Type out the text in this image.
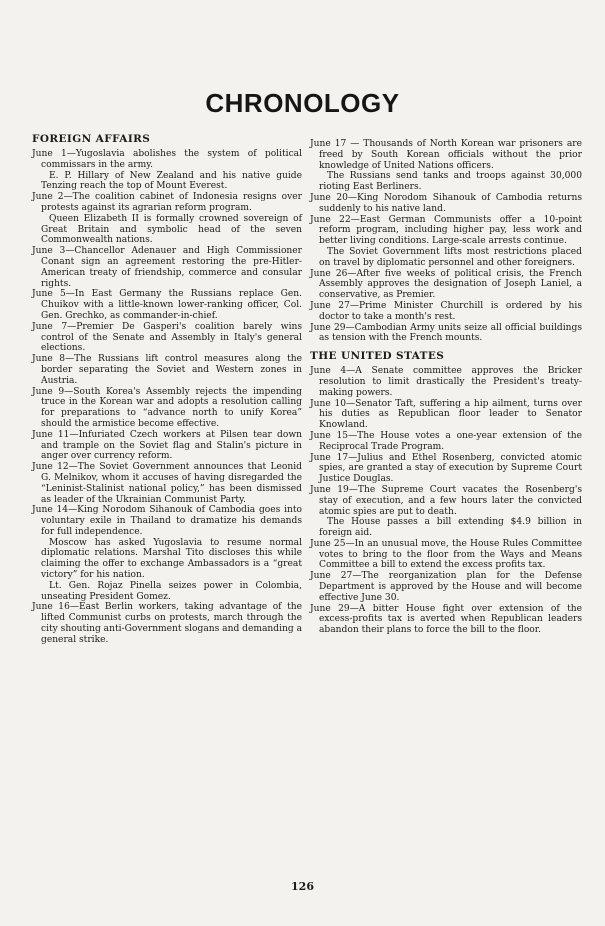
CHRONOLOGY
FOREIGN AFFAIRS
June 1—Yugoslavia abolishes the system of political commissars in the army.
E. P. Hillary of New Zealand and his native guide Tenzing reach the top of Mount Everest.
June 2—The coalition cabinet of Indonesia resigns over protests against its agrarian reform program.
Queen Elizabeth II is formally crowned sovereign of Great Britain and symbolic head of the seven Commonwealth nations.
June 3—Chancellor Adenauer and High Commissioner Conant sign an agreement restoring the pre-Hitler-American treaty of friendship, commerce and consular rights.
June 5—In East Germany the Russians replace Gen. Chuikov with a little-known lower-ranking officer, Col. Gen. Grechko, as commander-in-chief.
June 7—Premier De Gasperi's coalition barely wins control of the Senate and Assembly in Italy's general elections.
June 8—The Russians lift control measures along the border separating the Soviet and Western zones in Austria.
June 9—South Korea's Assembly rejects the impending truce in the Korean war and adopts a resolution calling for preparations to “advance north to unify Korea” should the armistice become effective.
June 11—Infuriated Czech workers at Pilsen tear down and trample on the Soviet flag and Stalin's picture in anger over currency reform.
June 12—The Soviet Government announces that Leonid G. Melnikov, whom it accuses of having disregarded the “Leninist-Stalinist national policy,” has been dismissed as leader of the Ukrainian Communist Party.
June 14—King Norodom Sihanouk of Cambodia goes into voluntary exile in Thailand to dramatize his demands for full independence.
Moscow has asked Yugoslavia to resume normal diplomatic relations. Marshal Tito discloses this while claiming the offer to exchange Ambassadors is a “great victory” for his nation.
Lt. Gen. Rojaz Pinella seizes power in Colombia, unseating President Gomez.
June 16—East Berlin workers, taking advantage of the lifted Communist curbs on protests, march through the city shouting anti-Government slogans and demanding a general strike.
June 17 — Thousands of North Korean war prisoners are freed by South Korean officials without the prior knowledge of United Nations officers.
The Russians send tanks and troops against 30,000 rioting East Berliners.
June 20—King Norodom Sihanouk of Cambodia returns suddenly to his native land.
June 22—East German Communists offer a 10-point reform program, including higher pay, less work and better living conditions. Large-scale arrests continue.
The Soviet Government lifts most restrictions placed on travel by diplomatic personnel and other foreigners.
June 26—After five weeks of political crisis, the French Assembly approves the designation of Joseph Laniel, a conservative, as Premier.
June 27—Prime Minister Churchill is ordered by his doctor to take a month's rest.
June 29—Cambodian Army units seize all official buildings as tension with the French mounts.
THE UNITED STATES
June 4—A Senate committee approves the Bricker resolution to limit drastically the President's treaty-making powers.
June 10—Senator Taft, suffering a hip ailment, turns over his duties as Republican floor leader to Senator Knowland.
June 15—The House votes a one-year extension of the Reciprocal Trade Program.
June 17—Julius and Ethel Rosenberg, convicted atomic spies, are granted a stay of execution by Supreme Court Justice Douglas.
June 19—The Supreme Court vacates the Rosenberg's stay of execution, and a few hours later the convicted atomic spies are put to death.
The House passes a bill extending $4.9 billion in foreign aid.
June 25—In an unusual move, the House Rules Committee votes to bring to the floor from the Ways and Means Committee a bill to extend the excess profits tax.
June 27—The reorganization plan for the Defense Department is approved by the House and will become effective June 30.
June 29—A bitter House fight over extension of the excess-profits tax is averted when Republican leaders abandon their plans to force the bill to the floor.
126
